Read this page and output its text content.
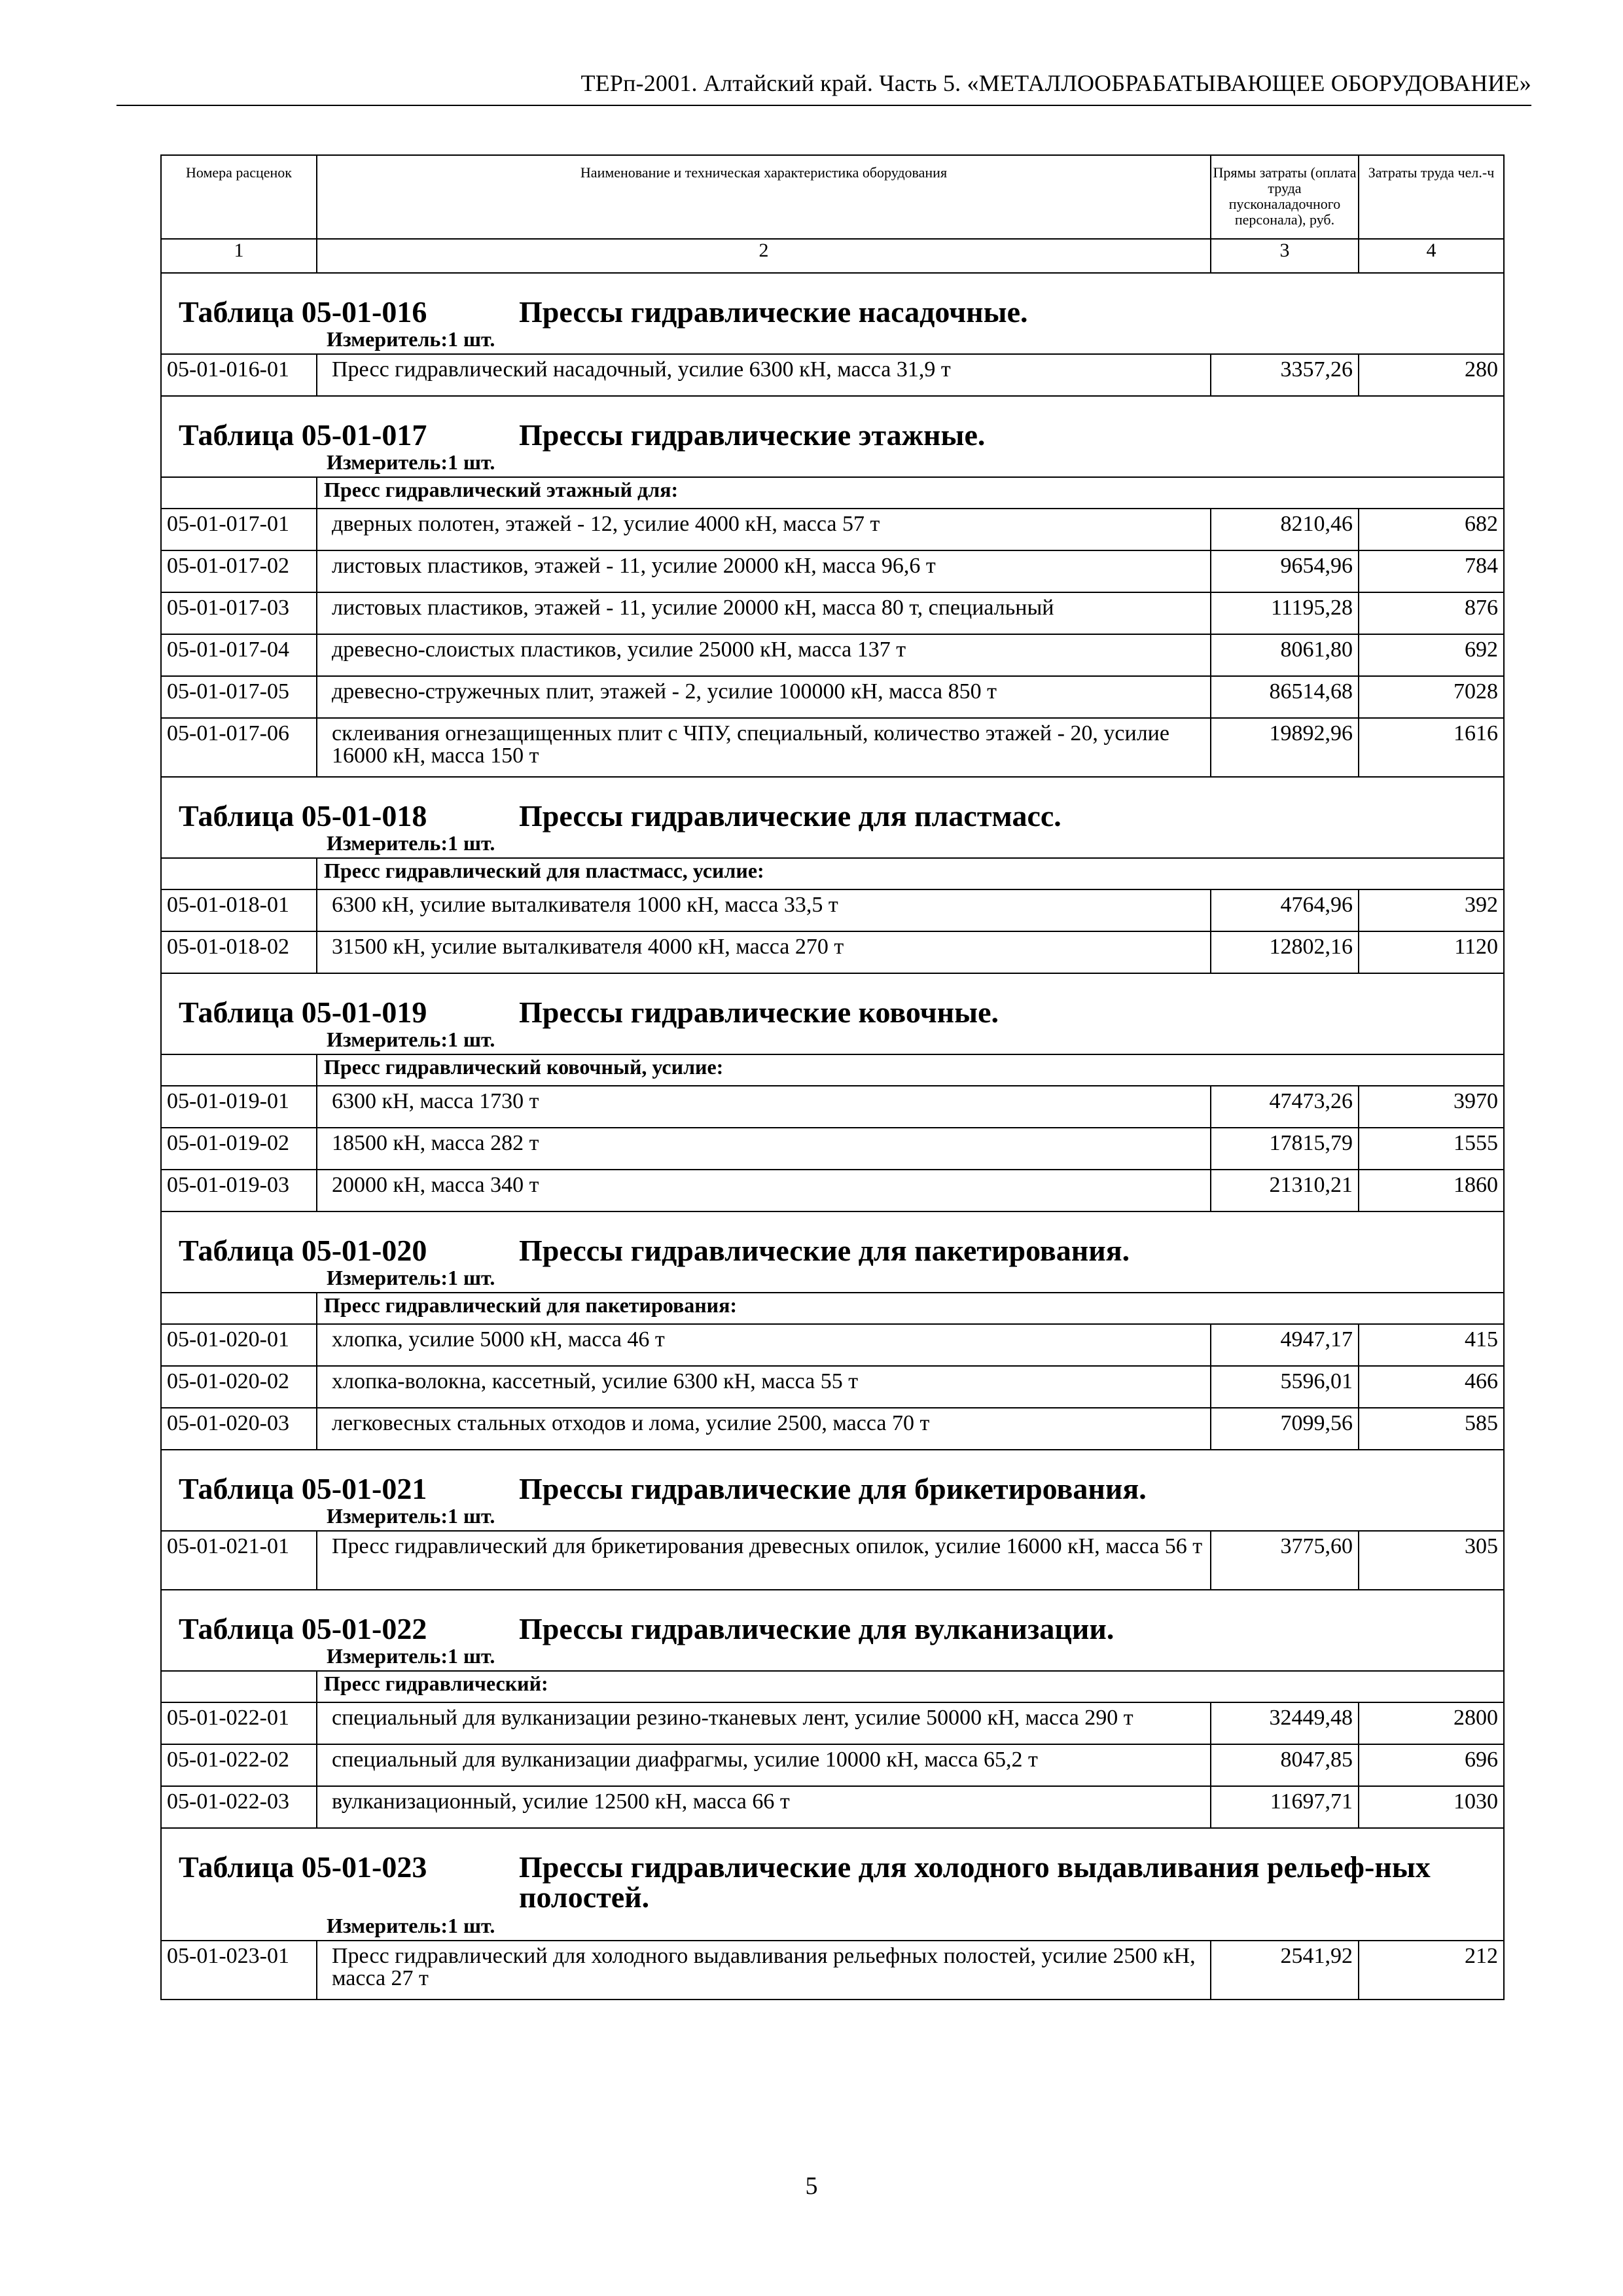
ТЕРп-2001. Алтайский край. Часть 5. «МЕТАЛЛООБРАБАТЫВАЮЩЕЕ ОБОРУДОВАНИЕ»
Номера расценок	Наименование и техническая характеристика оборудования	Прямы затраты (оплата труда пусконаладочного персонала), руб.	Затраты труда чел.-ч
1	2	3	4

Таблица 05-01-016 Прессы гидравлические насадочные.
Измеритель:1 шт.			

05-01-016-01	Пресс гидравлический насадочный, усилие 6300 кН, масса 31,9 т	3357,26	280

Таблица 05-01-017 Прессы гидравлические этажные.
Измеритель:1 шт.			

	Пресс гидравлический этажный для:		
05-01-017-01	дверных полотен, этажей - 12, усилие 4000 кН, масса 57 т	8210,46	682
05-01-017-02	листовых пластиков, этажей - 11, усилие 20000 кН, масса 96,6 т	9654,96	784
05-01-017-03	листовых пластиков, этажей - 11, усилие 20000 кН, масса 80 т, специальный	11195,28	876
05-01-017-04	древесно-слоистых пластиков, усилие 25000 кН, масса 137 т	8061,80	692
05-01-017-05	древесно-стружечных плит, этажей - 2, усилие 100000 кН, масса 850 т	86514,68	7028
05-01-017-06	склеивания огнезащищенных плит с ЧПУ, специальный, количество этажей - 20, усилие 16000 кН, масса 150 т	19892,96	1616

Таблица 05-01-018 Прессы гидравлические для пластмасс.
Измеритель:1 шт.			

	Пресс гидравлический для пластмасс, усилие:		
05-01-018-01	6300 кН, усилие выталкивателя 1000 кН, масса 33,5 т	4764,96	392
05-01-018-02	31500 кН, усилие выталкивателя 4000 кН, масса 270 т	12802,16	1120

Таблица 05-01-019 Прессы гидравлические ковочные.
Измеритель:1 шт.			

	Пресс гидравлический ковочный, усилие:		
05-01-019-01	6300 кН, масса 1730 т	47473,26	3970
05-01-019-02	18500 кН, масса 282 т	17815,79	1555
05-01-019-03	20000 кН, масса 340 т	21310,21	1860

Таблица 05-01-020 Прессы гидравлические для пакетирования.
Измеритель:1 шт.			

	Пресс гидравлический для пакетирования:		
05-01-020-01	хлопка, усилие 5000 кН, масса 46 т	4947,17	415
05-01-020-02	хлопка-волокна, кассетный, усилие 6300 кН, масса 55 т	5596,01	466
05-01-020-03	легковесных стальных отходов и лома, усилие 2500, масса 70 т	7099,56	585

Таблица 05-01-021 Прессы гидравлические для брикетирования.
Измеритель:1 шт.			

05-01-021-01	Пресс гидравлический для брикетирования древесных опилок, усилие 16000 кН, масса 56 т	3775,60	305

Таблица 05-01-022 Прессы гидравлические для вулканизации.
Измеритель:1 шт.			

	Пресс гидравлический:		
05-01-022-01	специальный для вулканизации резино-тканевых лент, усилие 50000 кН, масса 290 т	32449,48	2800
05-01-022-02	специальный для вулканизации диафрагмы, усилие 10000 кН, масса 65,2 т	8047,85	696
05-01-022-03	вулканизационный, усилие 12500 кН, масса 66 т	11697,71	1030

Таблица 05-01-023 Прессы гидравлические для холодного выдавливания рельеф-ных полостей.
Измеритель:1 шт.			

05-01-023-01	Пресс гидравлический для холодного выдавливания рельефных полостей, усилие 2500 кН, масса 27 т	2541,92	212
5
